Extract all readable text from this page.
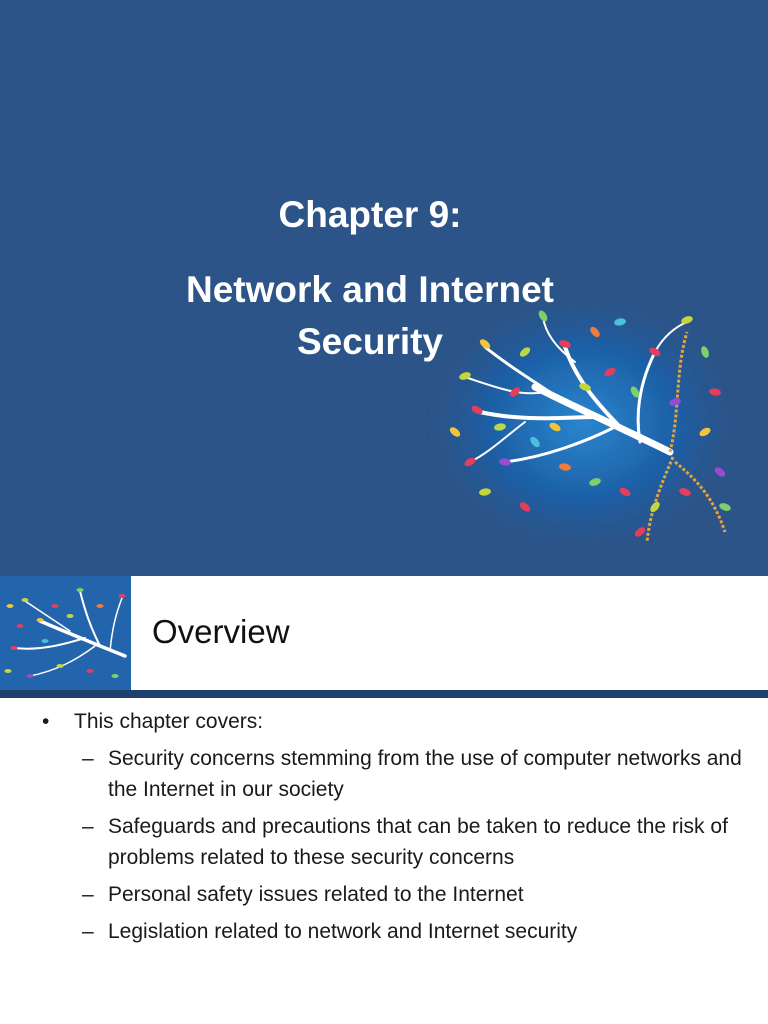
Chapter 9:
Network and Internet Security
Overview
• This chapter covers:
– Security concerns stemming from the use of computer networks and the Internet in our society
– Safeguards and precautions that can be taken to reduce the risk of problems related to these security concerns
– Personal safety issues related to the Internet
– Legislation related to network and Internet security
